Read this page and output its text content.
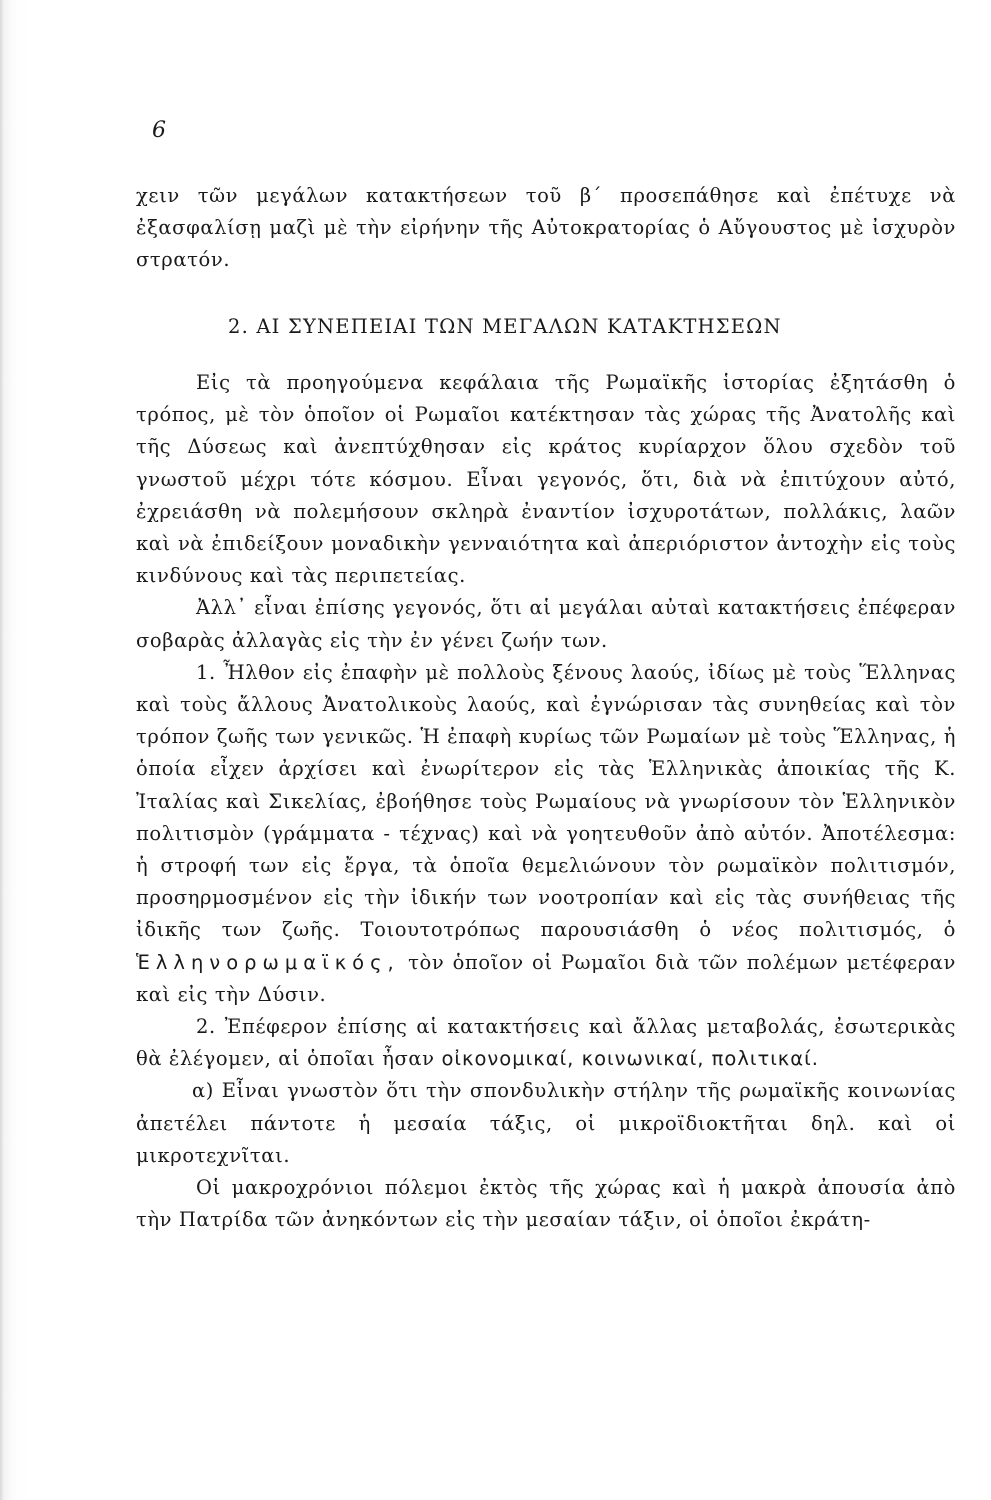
6

χειν τῶν μεγάλων κατακτήσεων τοῦ β΄ προσεπάθησε καὶ ἐπέτυχε νὰ ἐξασφαλίσῃ μαζὶ μὲ τὴν εἰρήνην τῆς Αὐτοκρατορίας ὁ Αὔγουστος μὲ ἰσχυρὸν στρατόν.

2. ΑΙ ΣΥΝΕΠΕΙΑΙ ΤΩΝ ΜΕΓΑΛΩΝ ΚΑΤΑΚΤΗΣΕΩΝ

Εἰς τὰ προηγούμενα κεφάλαια τῆς Ρωμαϊκῆς ἱστορίας ἐξητάσθη ὁ τρόπος, μὲ τὸν ὁποῖον οἱ Ρωμαῖοι κατέκτησαν τὰς χώρας τῆς Ἀνατολῆς καὶ τῆς Δύσεως καὶ ἀνεπτύχθησαν εἰς κράτος κυρίαρχον ὅλου σχεδὸν τοῦ γνωστοῦ μέχρι τότε κόσμου. Εἶναι γεγονός, ὅτι, διὰ νὰ ἐπιτύχουν αὐτό, ἐχρειάσθη νὰ πολεμήσουν σκληρὰ ἐναντίον ἰσχυροτάτων, πολλάκις, λαῶν καὶ νὰ ἐπιδείξουν μοναδικὴν γενναιότητα καὶ ἀπεριόριστον ἀντοχὴν εἰς τοὺς κινδύνους καὶ τὰς περιπετείας.

Ἀλλ᾽ εἶναι ἐπίσης γεγονός, ὅτι αἱ μεγάλαι αὐταὶ κατακτήσεις ἐπέφεραν σοβαρὰς ἀλλαγὰς εἰς τὴν ἐν γένει ζωήν των.

1. Ἦλθον εἰς ἐπαφὴν μὲ πολλοὺς ξένους λαούς, ἰδίως μὲ τοὺς Ἕλληνας καὶ τοὺς ἄλλους Ἀνατολικοὺς λαούς, καὶ ἐγνώρισαν τὰς συνηθείας καὶ τὸν τρόπον ζωῆς των γενικῶς. Ἡ ἐπαφὴ κυρίως τῶν Ρωμαίων μὲ τοὺς Ἕλληνας, ἡ ὁποία εἶχεν ἀρχίσει καὶ ἐνωρίτερον εἰς τὰς Ἑλληνικὰς ἀποικίας τῆς Κ. Ἰταλίας καὶ Σικελίας, ἐβοήθησε τοὺς Ρωμαίους νὰ γνωρίσουν τὸν Ἑλληνικὸν πολιτισμὸν (γράμματα - τέχνας) καὶ νὰ γοητευθοῦν ἀπὸ αὐτόν. Ἀποτέλεσμα: ἡ στροφή των εἰς ἔργα, τὰ ὁποῖα θεμελιώνουν τὸν ρωμαϊκὸν πολιτισμόν, προσηρμοσμένον εἰς τὴν ἰδικήν των νοοτροπίαν καὶ εἰς τὰς συνήθειας τῆς ἰδικῆς των ζωῆς. Τοιουτοτρόπως παρουσιάσθη ὁ νέος πολιτισμός, ὁ Ἑλληνορωμαϊκός, τὸν ὁποῖον οἱ Ρωμαῖοι διὰ τῶν πολέμων μετέφεραν καὶ εἰς τὴν Δύσιν.

2. Ἐπέφερον ἐπίσης αἱ κατακτήσεις καὶ ἄλλας μεταβολάς, ἐσωτερικὰς θὰ ἐλέγομεν, αἱ ὁποῖαι ἦσαν οἰκονομικαί, κοινωνικαί, πολιτικαί.

α) Εἶναι γνωστὸν ὅτι τὴν σπονδυλικὴν στήλην τῆς ρωμαϊκῆς κοινωνίας ἀπετέλει πάντοτε ἡ μεσαία τάξις, οἱ μικροϊδιοκτῆται δηλ. καὶ οἱ μικροτεχνῖται.

Οἱ μακροχρόνιοι πόλεμοι ἐκτὸς τῆς χώρας καὶ ἡ μακρὰ ἀπουσία ἀπὸ τὴν Πατρίδα τῶν ἀνηκόντων εἰς τὴν μεσαίαν τάξιν, οἱ ὁποῖοι ἐκράτη-
